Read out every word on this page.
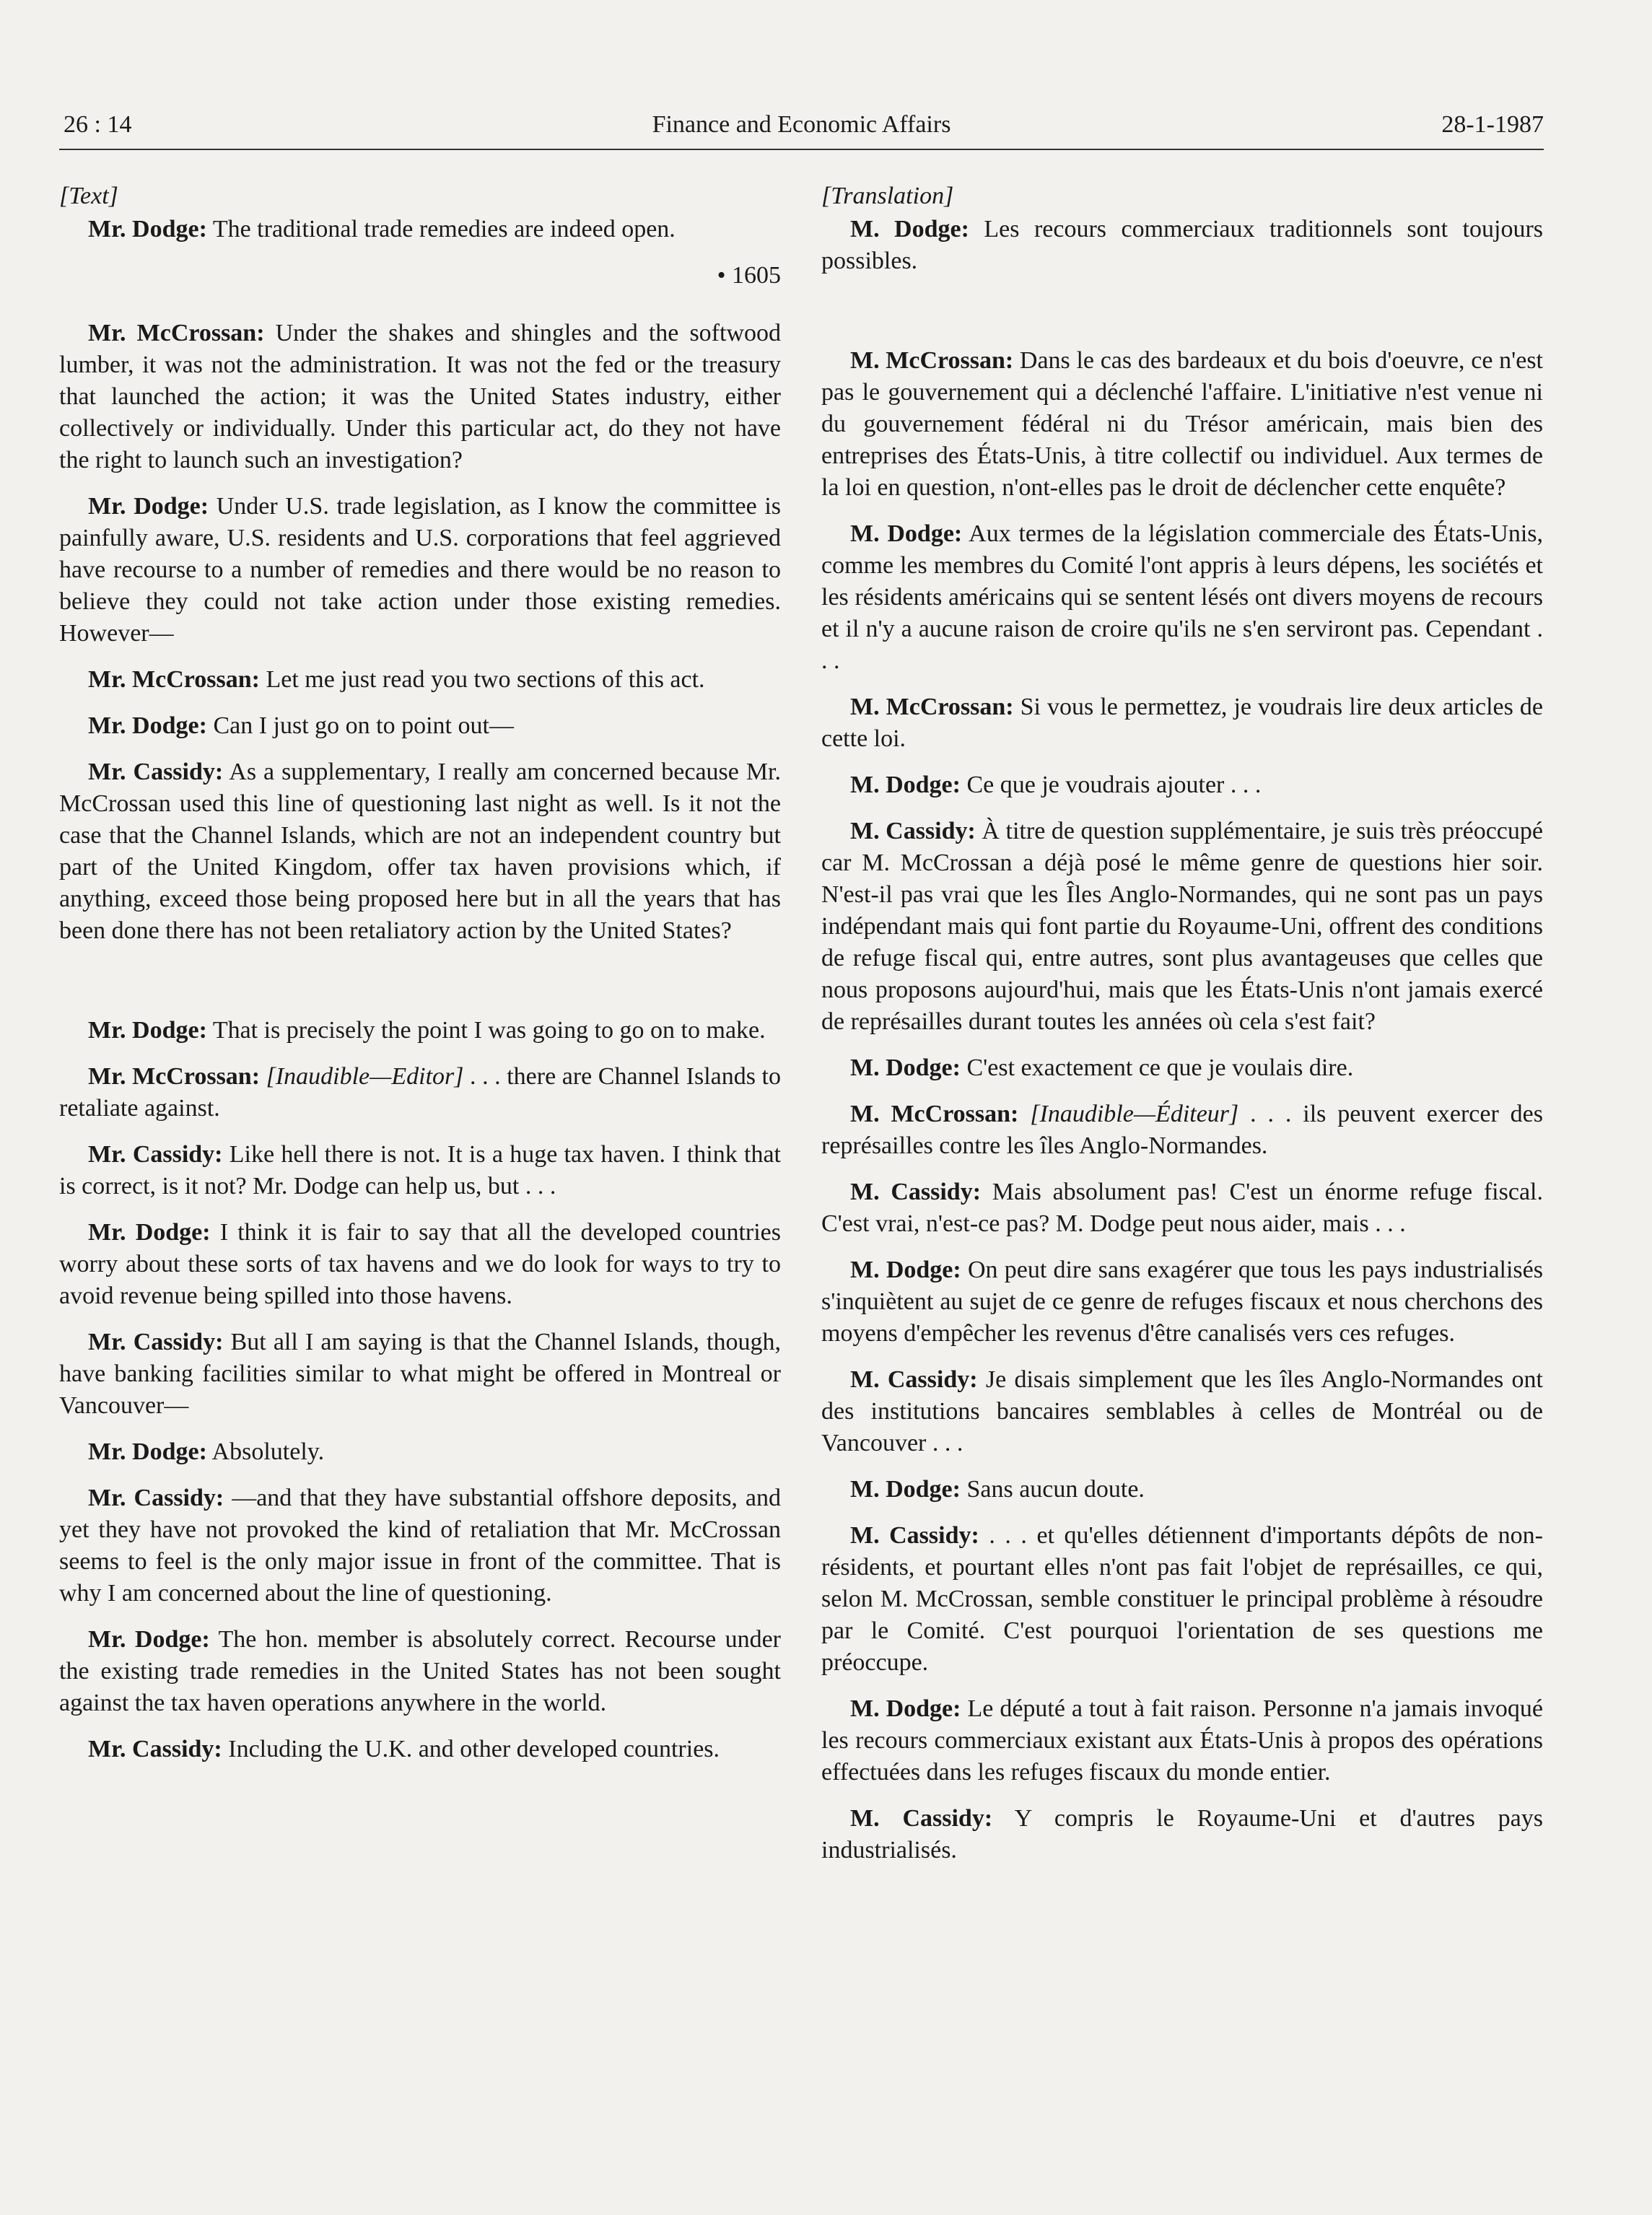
26 : 14	Finance and Economic Affairs	28-1-1987
[Text]

Mr. Dodge: The traditional trade remedies are indeed open.

• 1605

Mr. McCrossan: Under the shakes and shingles and the softwood lumber, it was not the administration. It was not the fed or the treasury that launched the action; it was the United States industry, either collectively or individually. Under this particular act, do they not have the right to launch such an investigation?

Mr. Dodge: Under U.S. trade legislation, as I know the committee is painfully aware, U.S. residents and U.S. corporations that feel aggrieved have recourse to a number of remedies and there would be no reason to believe they could not take action under those existing remedies. However—

Mr. McCrossan: Let me just read you two sections of this act.

Mr. Dodge: Can I just go on to point out—

Mr. Cassidy: As a supplementary, I really am concerned because Mr. McCrossan used this line of questioning last night as well. Is it not the case that the Channel Islands, which are not an independent country but part of the United Kingdom, offer tax haven provisions which, if anything, exceed those being proposed here but in all the years that has been done there has not been retaliatory action by the United States?

Mr. Dodge: That is precisely the point I was going to go on to make.

Mr. McCrossan: [Inaudible—Editor] . . . there are Channel Islands to retaliate against.

Mr. Cassidy: Like hell there is not. It is a huge tax haven. I think that is correct, is it not? Mr. Dodge can help us, but . . .

Mr. Dodge: I think it is fair to say that all the developed countries worry about these sorts of tax havens and we do look for ways to try to avoid revenue being spilled into those havens.

Mr. Cassidy: But all I am saying is that the Channel Islands, though, have banking facilities similar to what might be offered in Montreal or Vancouver—

Mr. Dodge: Absolutely.

Mr. Cassidy: —and that they have substantial offshore deposits, and yet they have not provoked the kind of retaliation that Mr. McCrossan seems to feel is the only major issue in front of the committee. That is why I am concerned about the line of questioning.

Mr. Dodge: The hon. member is absolutely correct. Recourse under the existing trade remedies in the United States has not been sought against the tax haven operations anywhere in the world.

Mr. Cassidy: Including the U.K. and other developed countries.

[Translation]

M. Dodge: Les recours commerciaux traditionnels sont toujours possibles.

M. McCrossan: Dans le cas des bardeaux et du bois d'oeuvre, ce n'est pas le gouvernement qui a déclenché l'affaire. L'initiative n'est venue ni du gouvernement fédéral ni du Trésor américain, mais bien des entreprises des États-Unis, à titre collectif ou individuel. Aux termes de la loi en question, n'ont-elles pas le droit de déclencher cette enquête?

M. Dodge: Aux termes de la législation commerciale des États-Unis, comme les membres du Comité l'ont appris à leurs dépens, les sociétés et les résidents américains qui se sentent lésés ont divers moyens de recours et il n'y a aucune raison de croire qu'ils ne s'en serviront pas. Cependant . . .

M. McCrossan: Si vous le permettez, je voudrais lire deux articles de cette loi.

M. Dodge: Ce que je voudrais ajouter . . .

M. Cassidy: À titre de question supplémentaire, je suis très préoccupé car M. McCrossan a déjà posé le même genre de questions hier soir. N'est-il pas vrai que les Îles Anglo-Normandes, qui ne sont pas un pays indépendant mais qui font partie du Royaume-Uni, offrent des conditions de refuge fiscal qui, entre autres, sont plus avantageuses que celles que nous proposons aujourd'hui, mais que les États-Unis n'ont jamais exercé de représailles durant toutes les années où cela s'est fait?

M. Dodge: C'est exactement ce que je voulais dire.

M. McCrossan: [Inaudible—Éditeur] . . . ils peuvent exercer des représailles contre les îles Anglo-Normandes.

M. Cassidy: Mais absolument pas! C'est un énorme refuge fiscal. C'est vrai, n'est-ce pas? M. Dodge peut nous aider, mais . . .

M. Dodge: On peut dire sans exagérer que tous les pays industrialisés s'inquiètent au sujet de ce genre de refuges fiscaux et nous cherchons des moyens d'empêcher les revenus d'être canalisés vers ces refuges.

M. Cassidy: Je disais simplement que les îles Anglo-Normandes ont des institutions bancaires semblables à celles de Montréal ou de Vancouver . . .

M. Dodge: Sans aucun doute.

M. Cassidy: . . . et qu'elles détiennent d'importants dépôts de non-résidents, et pourtant elles n'ont pas fait l'objet de représailles, ce qui, selon M. McCrossan, semble constituer le principal problème à résoudre par le Comité. C'est pourquoi l'orientation de ses questions me préoccupe.

M. Dodge: Le député a tout à fait raison. Personne n'a jamais invoqué les recours commerciaux existant aux États-Unis à propos des opérations effectuées dans les refuges fiscaux du monde entier.

M. Cassidy: Y compris le Royaume-Uni et d'autres pays industrialisés.
